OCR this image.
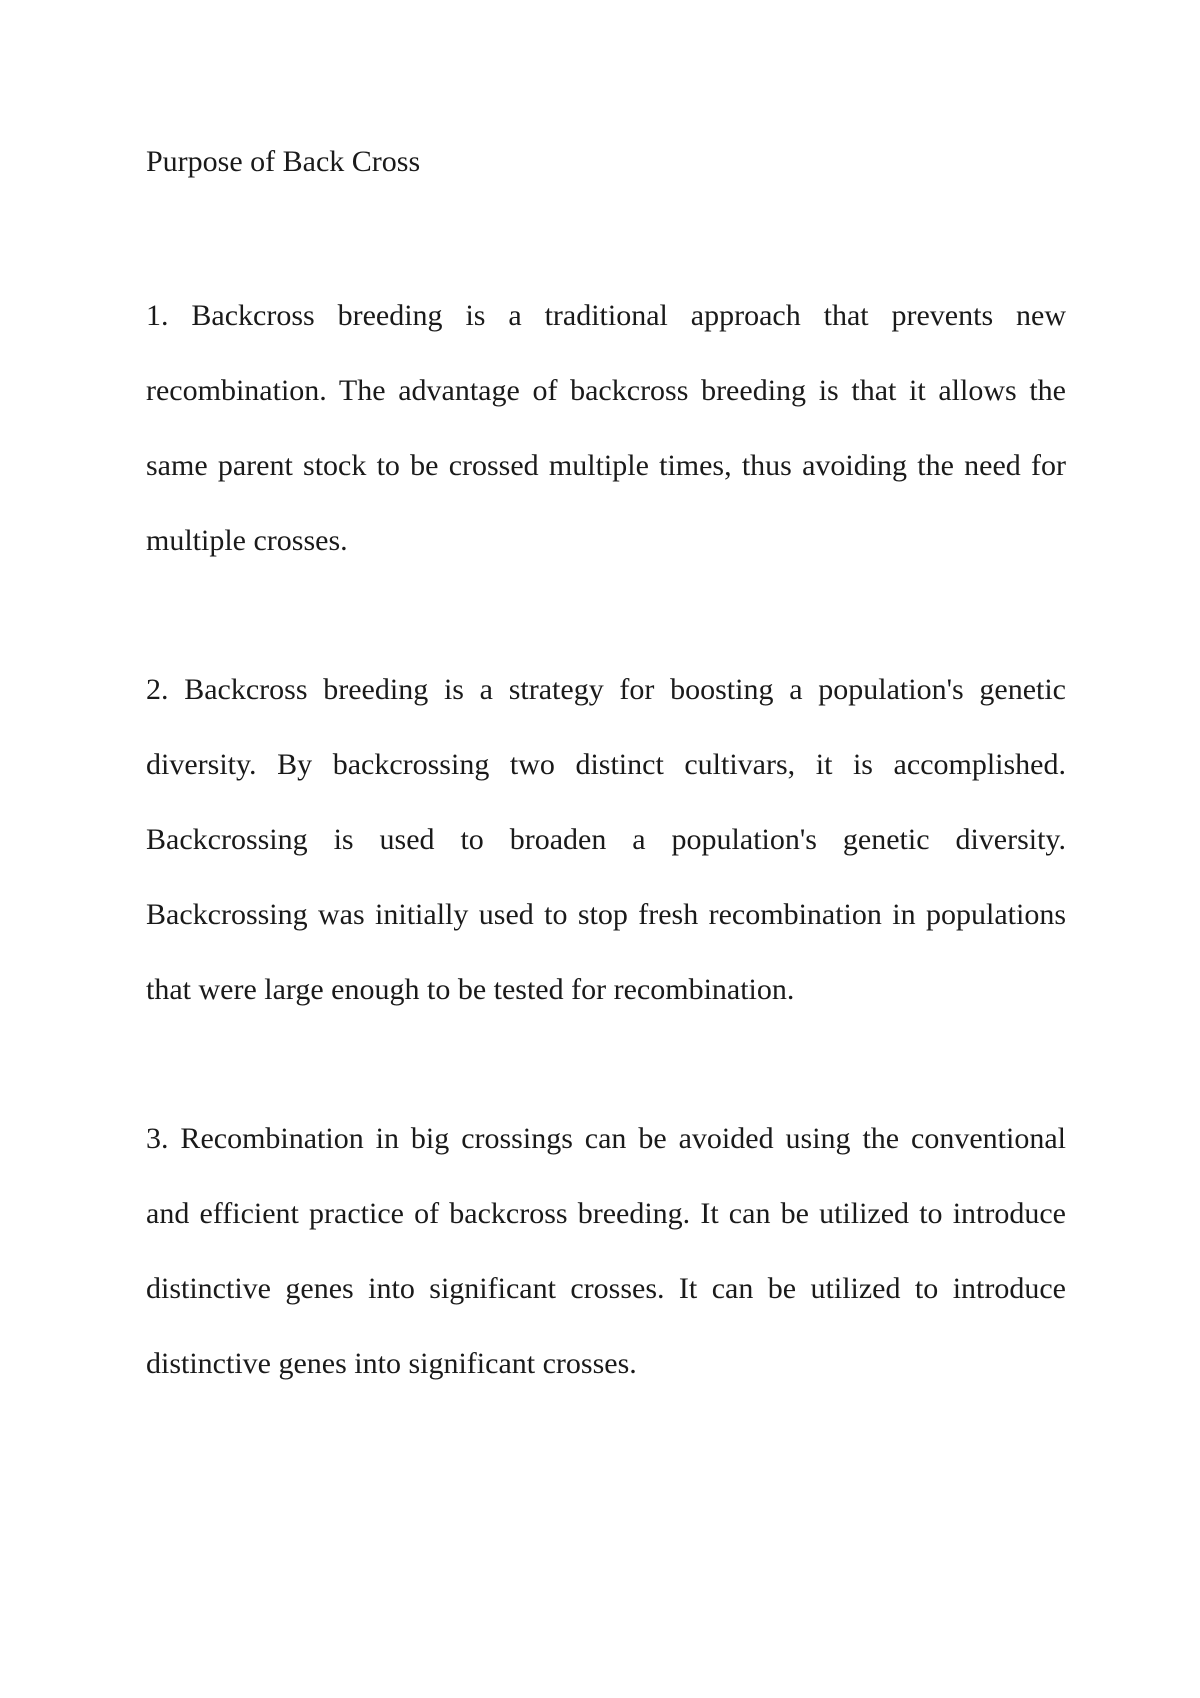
Purpose of Back Cross

1. Backcross breeding is a traditional approach that prevents new recombination. The advantage of backcross breeding is that it allows the same parent stock to be crossed multiple times, thus avoiding the need for multiple crosses.

2. Backcross breeding is a strategy for boosting a population's genetic diversity. By backcrossing two distinct cultivars, it is accomplished. Backcrossing is used to broaden a population's genetic diversity. Backcrossing was initially used to stop fresh recombination in populations that were large enough to be tested for recombination.

3. Recombination in big crossings can be avoided using the conventional and efficient practice of backcross breeding. It can be utilized to introduce distinctive genes into significant crosses. It can be utilized to introduce distinctive genes into significant crosses.
